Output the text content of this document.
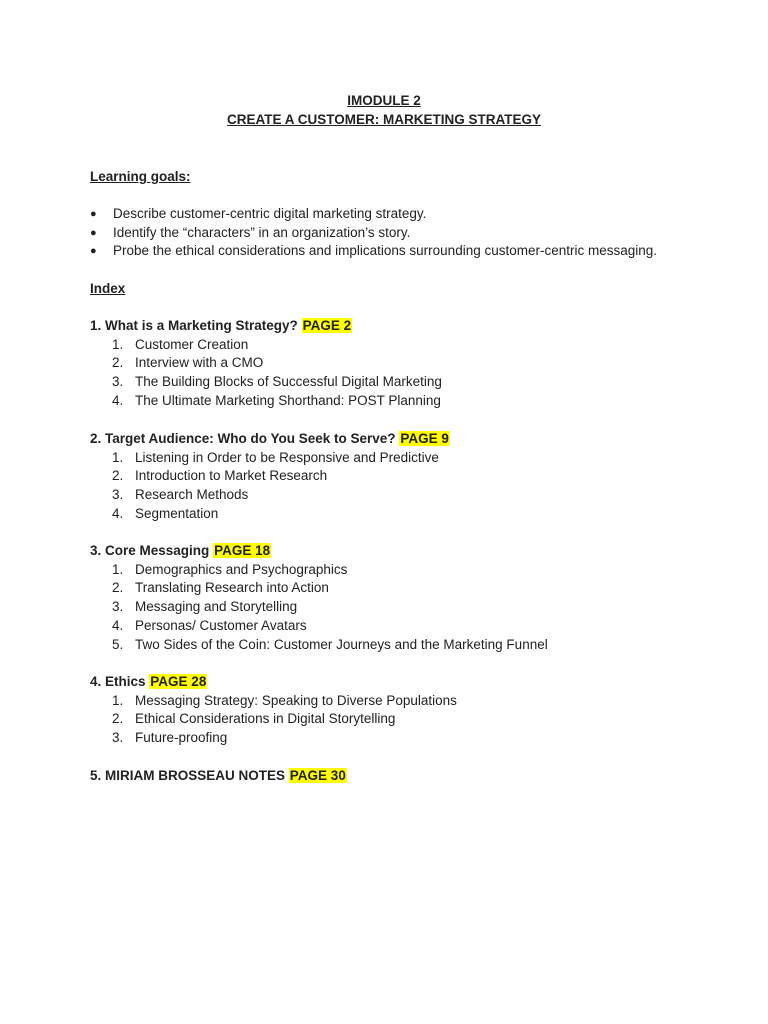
IMODULE 2
CREATE A CUSTOMER: MARKETING STRATEGY
Learning goals:
● Describe customer-centric digital marketing strategy.
● Identify the “characters” in an organization’s story.
● Probe the ethical considerations and implications surrounding customer-centric messaging.
Index
1. What is a Marketing Strategy? PAGE 2
1. Customer Creation
2. Interview with a CMO
3. The Building Blocks of Successful Digital Marketing
4. The Ultimate Marketing Shorthand: POST Planning
2. Target Audience: Who do You Seek to Serve? PAGE 9
1. Listening in Order to be Responsive and Predictive
2. Introduction to Market Research
3. Research Methods
4. Segmentation
3. Core Messaging PAGE 18
1. Demographics and Psychographics
2. Translating Research into Action
3. Messaging and Storytelling
4. Personas/ Customer Avatars
5. Two Sides of the Coin: Customer Journeys and the Marketing Funnel
4. Ethics PAGE 28
1. Messaging Strategy: Speaking to Diverse Populations
2. Ethical Considerations in Digital Storytelling
3. Future-proofing
5. MIRIAM BROSSEAU NOTES PAGE 30
